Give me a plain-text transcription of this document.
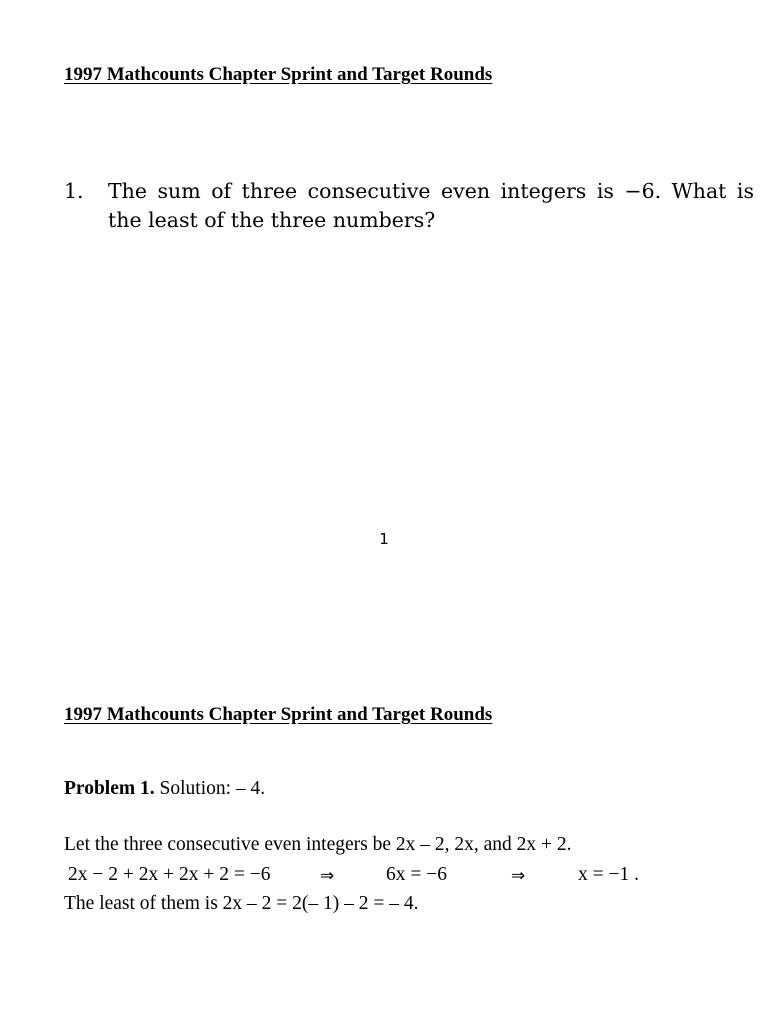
1997 Mathcounts Chapter Sprint and Target Rounds
1. The sum of three consecutive even integers is −6. What is
the least of the three numbers?
1
1997 Mathcounts Chapter Sprint and Target Rounds
Problem 1. Solution: – 4.
Let the three consecutive even integers be 2x – 2, 2x, and 2x + 2.
2x − 2 + 2x + 2x + 2 = −6	⇒	6x = −6	⇒	x = −1 .
The least of them is 2x – 2 = 2(– 1) – 2 = – 4.
